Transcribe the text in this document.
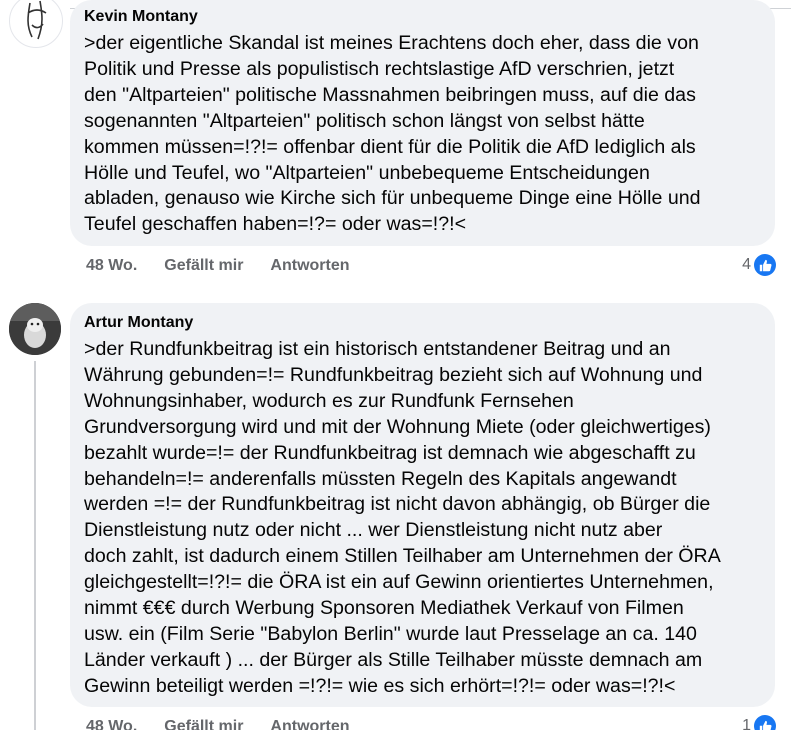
Kevin Montany
>der eigentliche Skandal ist meines Erachtens doch eher, dass die von
Politik und Presse als populistisch rechtslastige AfD verschrien, jetzt
den "Altparteien" politische Massnahmen beibringen muss, auf die das
sogenannten "Altparteien" politisch schon längst von selbst hätte
kommen müssen=!?!= offenbar dient für die Politik die AfD lediglich als
Hölle und Teufel, wo "Altparteien" unbebequeme Entscheidungen
abladen, genauso wie Kirche sich für unbequeme Dinge eine Hölle und
Teufel geschaffen haben=!?= oder was=!?!<
48 Wo. Gefällt mir Antworten	4
Artur Montany
>der Rundfunkbeitrag ist ein historisch entstandener Beitrag und an
Währung gebunden=!= Rundfunkbeitrag bezieht sich auf Wohnung und
Wohnungsinhaber, wodurch es zur Rundfunk Fernsehen
Grundversorgung wird und mit der Wohnung Miete (oder gleichwertiges)
bezahlt wurde=!= der Rundfunkbeitrag ist demnach wie abgeschafft zu
behandeln=!= anderenfalls müssten Regeln des Kapitals angewandt
werden =!= der Rundfunkbeitrag ist nicht davon abhängig, ob Bürger die
Dienstleistung nutz oder nicht ... wer Dienstleistung nicht nutz aber
doch zahlt, ist dadurch einem Stillen Teilhaber am Unternehmen der ÖRA
gleichgestellt=!?!= die ÖRA ist ein auf Gewinn orientiertes Unternehmen,
nimmt €€€ durch Werbung Sponsoren Mediathek Verkauf von Filmen
usw. ein (Film Serie "Babylon Berlin" wurde laut Presselage an ca. 140
Länder verkauft ) ... der Bürger als Stille Teilhaber müsste demnach am
Gewinn beteiligt werden =!?!= wie es sich erhört=!?!= oder was=!?!<
48 Wo. Gefällt mir Antworten	1
